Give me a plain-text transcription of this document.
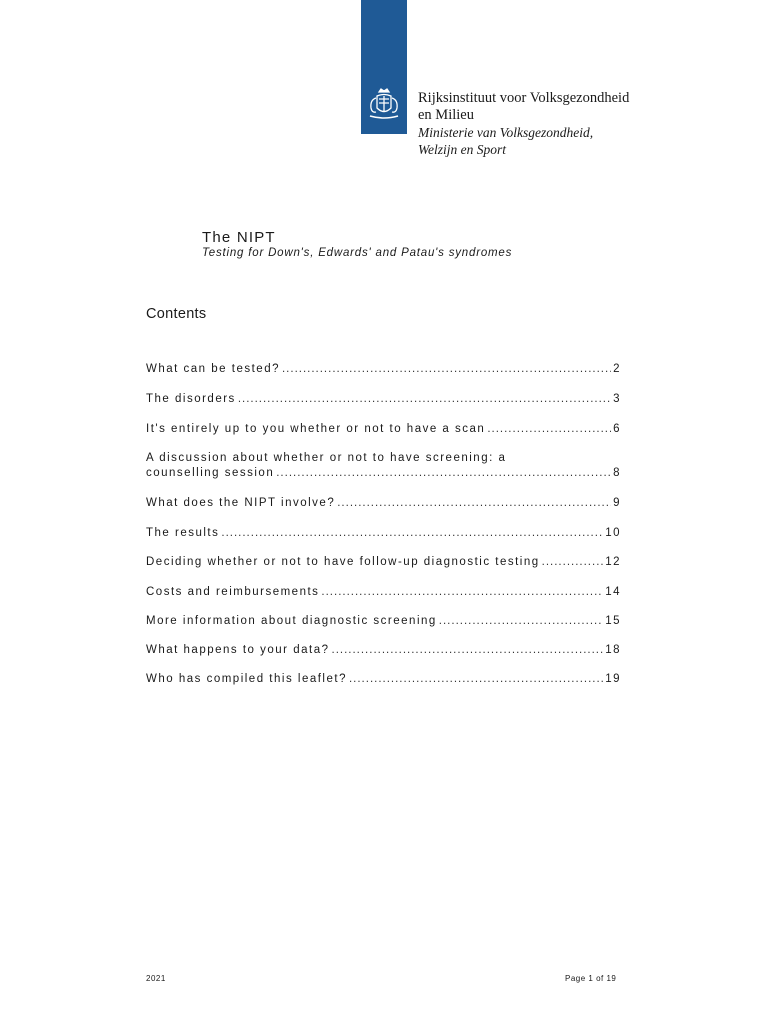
Rijksinstituut voor Volksgezondheid
en Milieu
Ministerie van Volksgezondheid,
Welzijn en Sport
The NIPT
Testing for Down's, Edwards' and Patau's syndromes
Contents
What can be tested? .....	2
The disorders .....	3
It's entirely up to you whether or not to have a scan .....	6
A discussion about whether or not to have screening: a
counselling session .....	8
What does the NIPT involve? .....	9
The results .....	10
Deciding whether or not to have follow-up diagnostic testing .....	12
Costs and reimbursements .....	14
More information about diagnostic screening .....	15
What happens to your data? .....	18
Who has compiled this leaflet? .....	19
2021	Page 1 of 19
